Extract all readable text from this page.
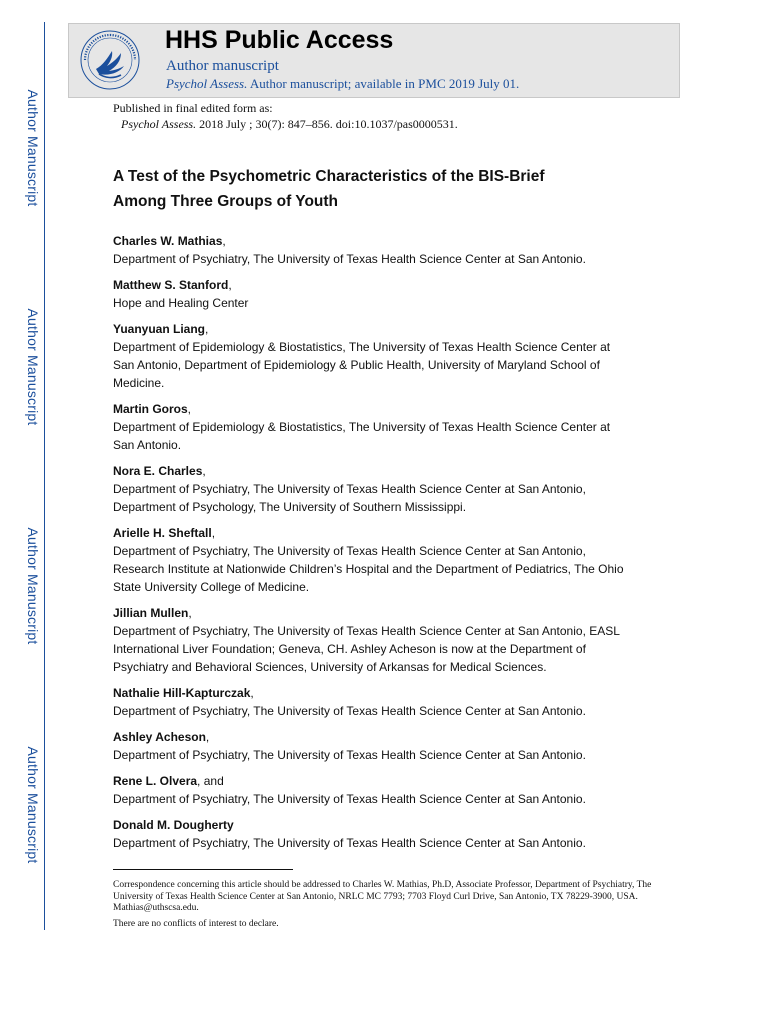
Author Manuscript
Author Manuscript
Author Manuscript
Author Manuscript
HHS Public Access
Author manuscript
Psychol Assess. Author manuscript; available in PMC 2019 July 01.
Published in final edited form as:
Psychol Assess. 2018 July ; 30(7): 847–856. doi:10.1037/pas0000531.
A Test of the Psychometric Characteristics of the BIS-Brief
Among Three Groups of Youth
Charles W. Mathias,
Department of Psychiatry, The University of Texas Health Science Center at San Antonio.
Matthew S. Stanford,
Hope and Healing Center
Yuanyuan Liang,
Department of Epidemiology & Biostatistics, The University of Texas Health Science Center at
San Antonio, Department of Epidemiology & Public Health, University of Maryland School of
Medicine.
Martin Goros,
Department of Epidemiology & Biostatistics, The University of Texas Health Science Center at
San Antonio.
Nora E. Charles,
Department of Psychiatry, The University of Texas Health Science Center at San Antonio,
Department of Psychology, The University of Southern Mississippi.
Arielle H. Sheftall,
Department of Psychiatry, The University of Texas Health Science Center at San Antonio,
Research Institute at Nationwide Children’s Hospital and the Department of Pediatrics, The Ohio
State University College of Medicine.
Jillian Mullen,
Department of Psychiatry, The University of Texas Health Science Center at San Antonio, EASL
International Liver Foundation; Geneva, CH. Ashley Acheson is now at the Department of
Psychiatry and Behavioral Sciences, University of Arkansas for Medical Sciences.
Nathalie Hill-Kapturczak,
Department of Psychiatry, The University of Texas Health Science Center at San Antonio.
Ashley Acheson,
Department of Psychiatry, The University of Texas Health Science Center at San Antonio.
Rene L. Olvera, and
Department of Psychiatry, The University of Texas Health Science Center at San Antonio.
Donald M. Dougherty
Department of Psychiatry, The University of Texas Health Science Center at San Antonio.

Correspondence concerning this article should be addressed to Charles W. Mathias, Ph.D, Associate Professor, Department of Psychiatry, The University of Texas Health Science Center at San Antonio, NRLC MC 7793; 7703 Floyd Curl Drive, San Antonio, TX 78229-3900, USA. Mathias@uthscsa.edu.

There are no conflicts of interest to declare.
